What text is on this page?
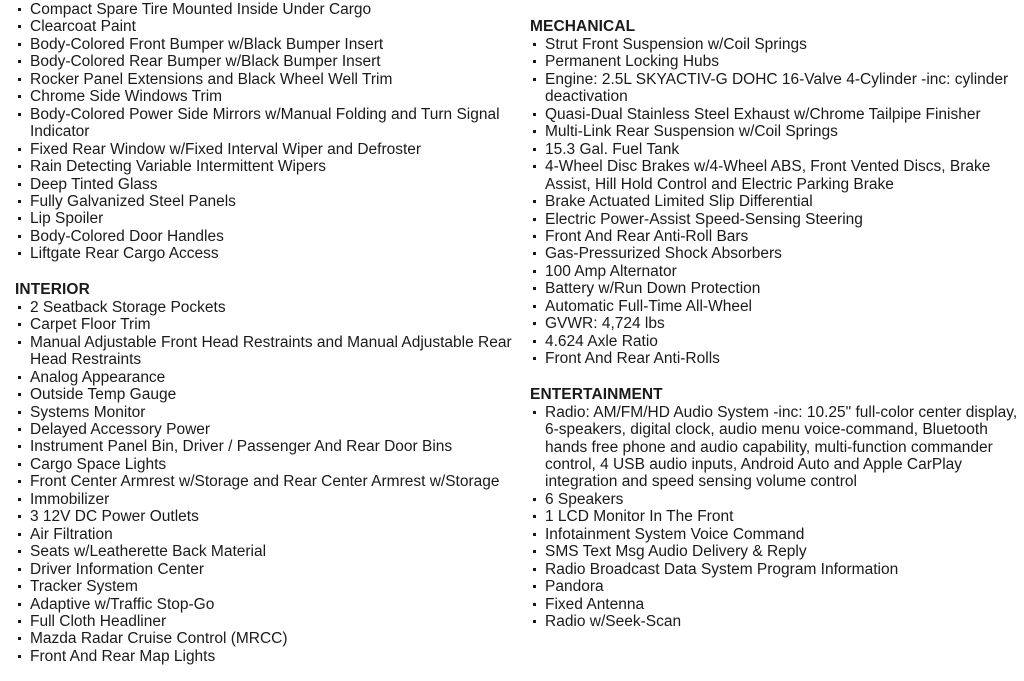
Compact Spare Tire Mounted Inside Under Cargo
Clearcoat Paint
Body-Colored Front Bumper w/Black Bumper Insert
Body-Colored Rear Bumper w/Black Bumper Insert
Rocker Panel Extensions and Black Wheel Well Trim
Chrome Side Windows Trim
Body-Colored Power Side Mirrors w/Manual Folding and Turn Signal Indicator
Fixed Rear Window w/Fixed Interval Wiper and Defroster
Rain Detecting Variable Intermittent Wipers
Deep Tinted Glass
Fully Galvanized Steel Panels
Lip Spoiler
Body-Colored Door Handles
Liftgate Rear Cargo Access
INTERIOR
2 Seatback Storage Pockets
Carpet Floor Trim
Manual Adjustable Front Head Restraints and Manual Adjustable Rear Head Restraints
Analog Appearance
Outside Temp Gauge
Systems Monitor
Delayed Accessory Power
Instrument Panel Bin, Driver / Passenger And Rear Door Bins
Cargo Space Lights
Front Center Armrest w/Storage and Rear Center Armrest w/Storage
Immobilizer
3 12V DC Power Outlets
Air Filtration
Seats w/Leatherette Back Material
Driver Information Center
Tracker System
Adaptive w/Traffic Stop-Go
Full Cloth Headliner
Mazda Radar Cruise Control (MRCC)
Front And Rear Map Lights
MECHANICAL
Strut Front Suspension w/Coil Springs
Permanent Locking Hubs
Engine: 2.5L SKYACTIV-G DOHC 16-Valve 4-Cylinder -inc: cylinder deactivation
Quasi-Dual Stainless Steel Exhaust w/Chrome Tailpipe Finisher
Multi-Link Rear Suspension w/Coil Springs
15.3 Gal. Fuel Tank
4-Wheel Disc Brakes w/4-Wheel ABS, Front Vented Discs, Brake Assist, Hill Hold Control and Electric Parking Brake
Brake Actuated Limited Slip Differential
Electric Power-Assist Speed-Sensing Steering
Front And Rear Anti-Roll Bars
Gas-Pressurized Shock Absorbers
100 Amp Alternator
Battery w/Run Down Protection
Automatic Full-Time All-Wheel
GVWR: 4,724 lbs
4.624 Axle Ratio
Front And Rear Anti-Rolls
ENTERTAINMENT
Radio: AM/FM/HD Audio System -inc: 10.25" full-color center display, 6-speakers, digital clock, audio menu voice-command, Bluetooth hands free phone and audio capability, multi-function commander control, 4 USB audio inputs, Android Auto and Apple CarPlay integration and speed sensing volume control
6 Speakers
1 LCD Monitor In The Front
Infotainment System Voice Command
SMS Text Msg Audio Delivery & Reply
Radio Broadcast Data System Program Information
Pandora
Fixed Antenna
Radio w/Seek-Scan
